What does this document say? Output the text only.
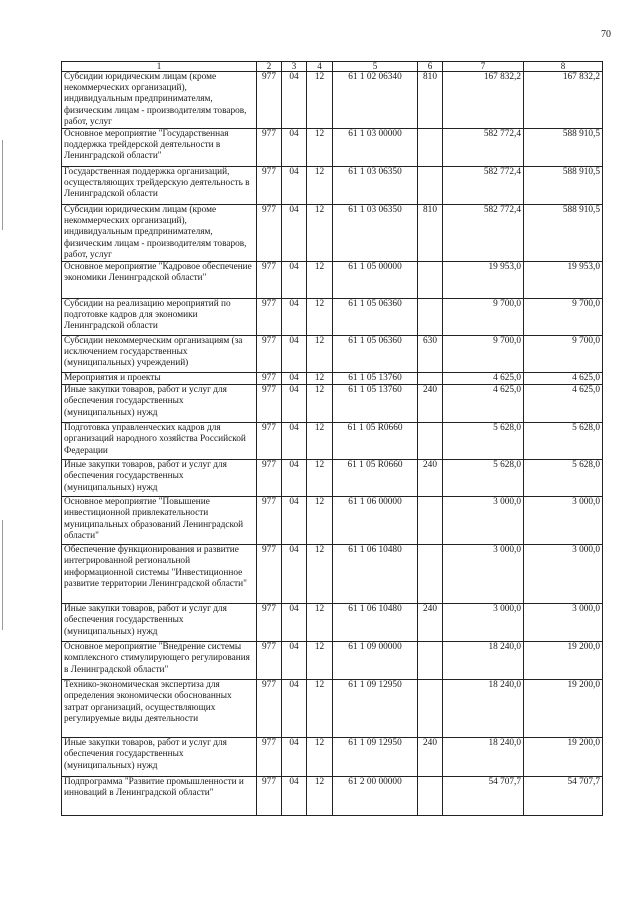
70
1	2	3	4	5	6	7	8
Субсидии юридическим лицам (кроме некоммерческих организаций), индивидуальным предпринимателям, физическим лицам - производителям товаров, работ, услуг	977	04	12	61 1 02 06340	810	167 832,2	167 832,2
Основное мероприятие "Государственная поддержка трейдерской деятельности в Ленинградской области"	977	04	12	61 1 03 00000		582 772,4	588 910,5
Государственная поддержка организаций, осуществляющих трейдерскую деятельность в Ленинградской области	977	04	12	61 1 03 06350		582 772,4	588 910,5
Субсидии юридическим лицам (кроме некоммерческих организаций), индивидуальным предпринимателям, физическим лицам - производителям товаров, работ, услуг	977	04	12	61 1 03 06350	810	582 772,4	588 910,5
Основное мероприятие "Кадровое обеспечение экономики Ленинградской области"	977	04	12	61 1 05 00000		19 953,0	19 953,0
Субсидии на реализацию мероприятий по подготовке кадров для экономики Ленинградской области	977	04	12	61 1 05 06360		9 700,0	9 700,0
Субсидии некоммерческим организациям (за исключением государственных (муниципальных) учреждений)	977	04	12	61 1 05 06360	630	9 700,0	9 700,0
Мероприятия и проекты	977	04	12	61 1 05 13760		4 625,0	4 625,0
Иные закупки товаров, работ и услуг для обеспечения государственных (муниципальных) нужд	977	04	12	61 1 05 13760	240	4 625,0	4 625,0
Подготовка управленческих кадров для организаций народного хозяйства Российской Федерации	977	04	12	61 1 05 R0660		5 628,0	5 628,0
Иные закупки товаров, работ и услуг для обеспечения государственных (муниципальных) нужд	977	04	12	61 1 05 R0660	240	5 628,0	5 628,0
Основное мероприятие "Повышение инвестиционной привлекательности муниципальных образований Ленинградской области"	977	04	12	61 1 06 00000		3 000,0	3 000,0
Обеспечение функционирования и развитие интегрированной региональной информационной системы "Инвестиционное развитие территории Ленинградской области"	977	04	12	61 1 06 10480		3 000,0	3 000,0
Иные закупки товаров, работ и услуг для обеспечения государственных (муниципальных) нужд	977	04	12	61 1 06 10480	240	3 000,0	3 000,0
Основное мероприятие "Внедрение системы комплексного стимулирующего регулирования в Ленинградской области"	977	04	12	61 1 09 00000		18 240,0	19 200,0
Технико-экономическая экспертиза для определения экономически обоснованных затрат организаций, осуществляющих регулируемые виды деятельности	977	04	12	61 1 09 12950		18 240,0	19 200,0
Иные закупки товаров, работ и услуг для обеспечения государственных (муниципальных) нужд	977	04	12	61 1 09 12950	240	18 240,0	19 200,0
Подпрограмма "Развитие промышленности и инноваций в Ленинградской области"	977	04	12	61 2 00 00000		54 707,7	54 707,7
